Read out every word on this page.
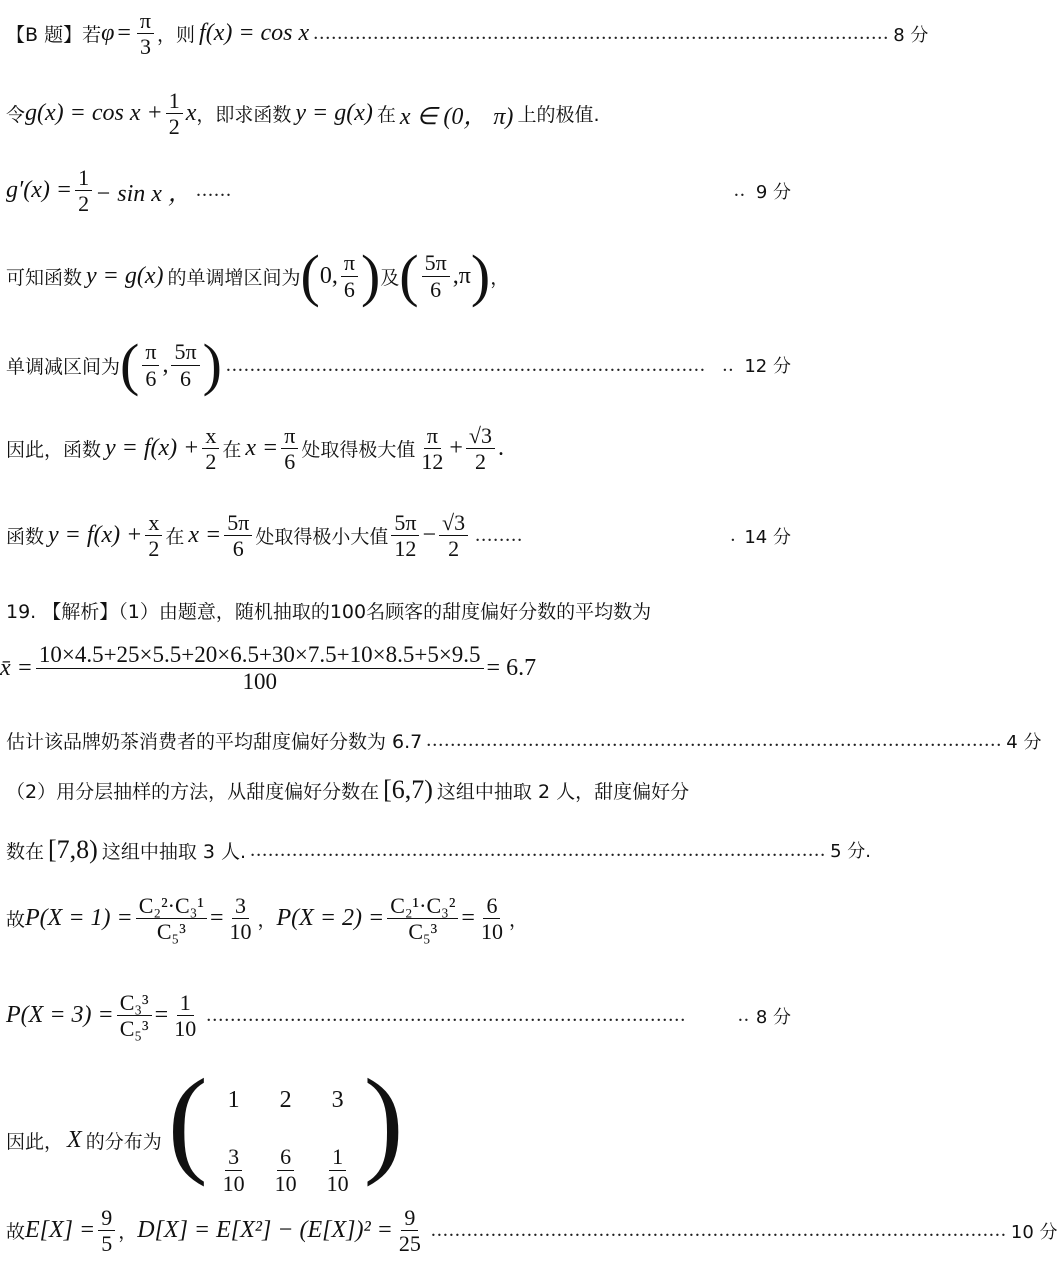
【B 题】若 $\varphi = \frac{\pi}{3}$ ，则 f(x) = cos x ................................................................................................ 8 分
令 $g(x) = \cos x + \frac{1}{2}$ x ，即求函数 y = g(x) 在 x ∈ (0， π) 上的极值.
$g'(x) = \frac{1}{2} - \sin x$ ， ......	.. 9 分
可知函数 y = g(x) 的单调增区间为 ( 0, $\frac{\pi}{6}$ ) 及 ( $\frac{5\pi}{6} ,\pi$ ) ，
单调减区间为 ( $\frac{\pi}{6}$ , $\frac{5\pi}{6}$ ) ................................................................................ .. 12 分
因此，函数 $y = f(x) + \frac{x}{2}$ 在 $x = \frac{\pi}{6}$ 处取得极大值 $\frac{\pi}{12} + \frac{√3}{2}$ .
函数 $y = f(x) + \frac{x}{2}$ 在 $x = \frac{5\pi}{6}$ 处取得极小大值 $\frac{5\pi}{12} - \frac{√3}{2}$ ........	. 14 分
19. 【解析】（1）由题意，随机抽取的100名顾客的甜度偏好分数的平均数为
x̄ = $\frac{10\times 4.5+25\times 5.5+20\times 6.5+30\times 7.5+10\times 8.5+5\times 9.5}{100} = 6.7$
估计该品牌奶茶消费者的平均甜度偏好分数为 6.7 ................................................................................................ 4 分
（2）用分层抽样的方法，从甜度偏好分数在 [6,7) 这组中抽取 2 人，甜度偏好分
数在 [7,8) 这组中抽取 3 人. ................................................................................................ 5 分.
故 $P(X = 1) = \frac{\text{C₂²·C₃¹}}{\text{C₅³}} = \frac{3}{10}$ ， $P(X = 2) = \frac{\text{C₂¹·C₃²}}{\text{C₅³}} = \frac{6}{10}$ ，
$P(X = 3) = \frac{\text{C₃³}}{\text{C₅³}} = \frac{1}{10}$ ................................................................................	.. 8 分
因此， X 的分布为 ( 1 2 3
$\frac{3}{10} \frac{6}{10} \frac{1}{10}$ )
故 $E[X] = \frac{9}{5}$ ， $D[X] = E[X^2] - (E[X])^2 = \frac{9}{25}$ ................................................................................................ 10 分
